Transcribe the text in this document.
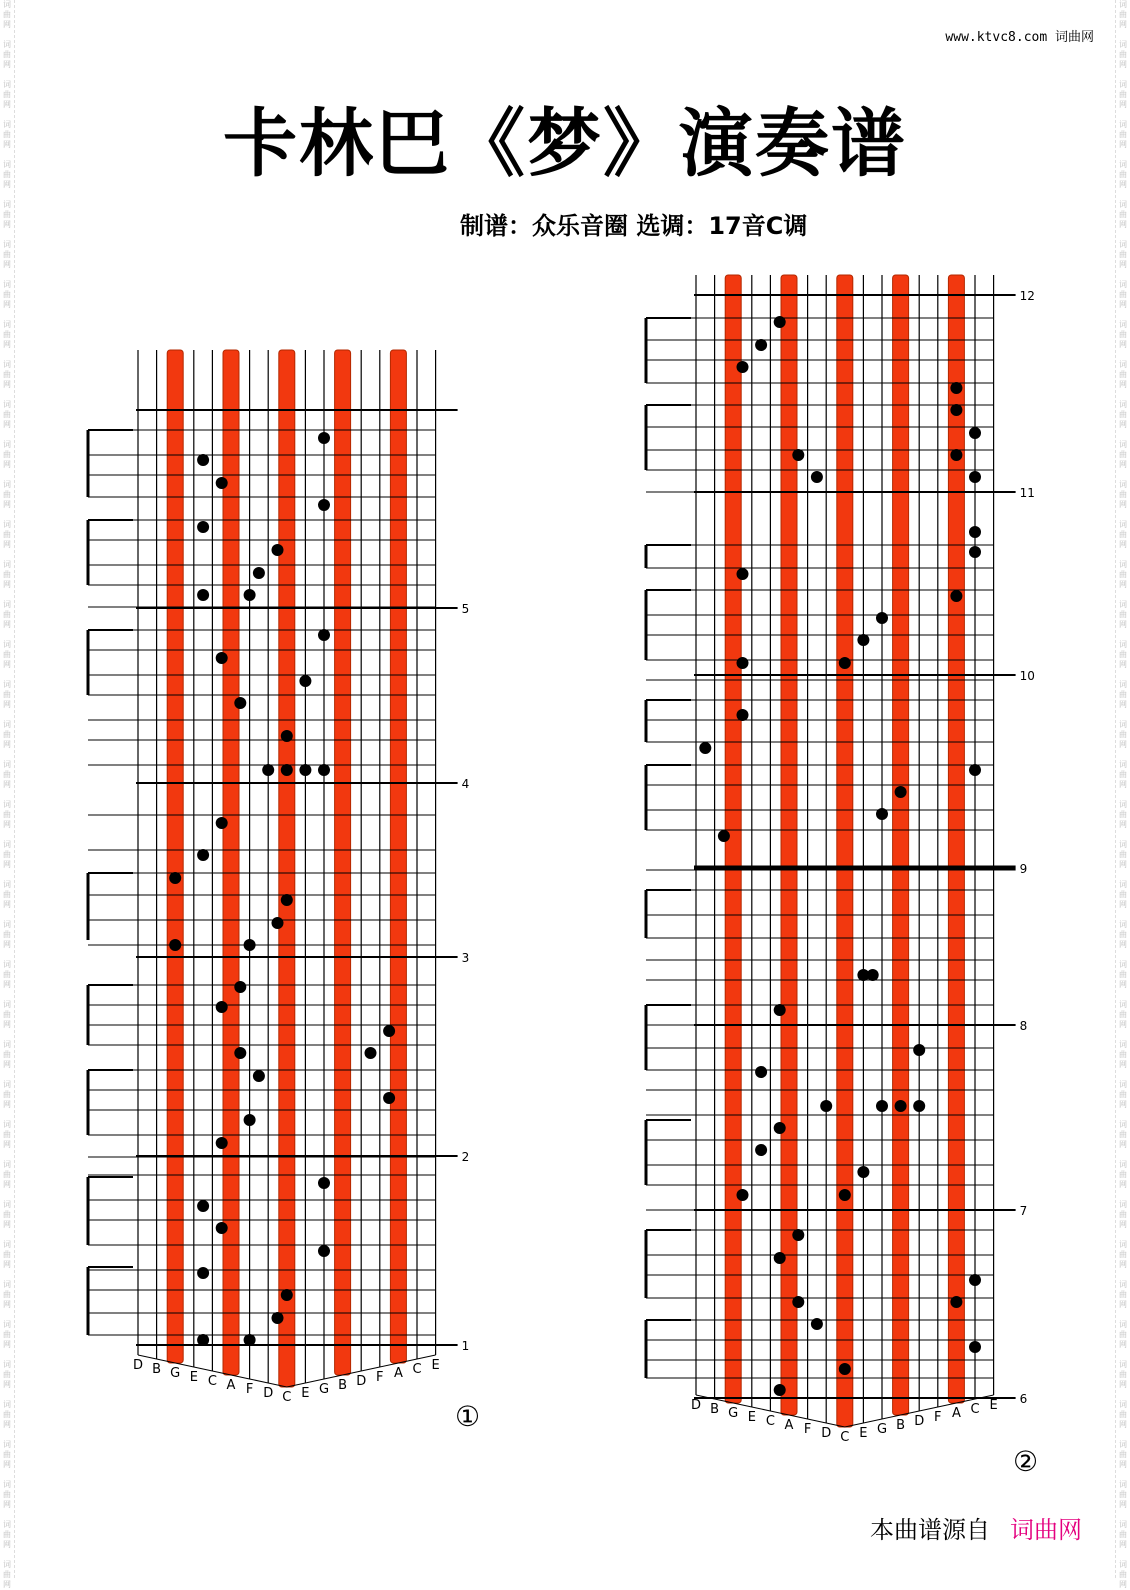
词
曲
网

词
曲
网

词
曲
网

词
曲
网

词
曲
网

词
曲
网

词
曲
网

词
曲
网

词
曲
网

词
曲
网

词
曲
网

词
曲
网

词
曲
网

词
曲
网

词
曲
网

词
曲
网

词
曲
网

词
曲
网

词
曲
网

词
曲
网

词
曲
网

词
曲
网

词
曲
网

词
曲
网

词
曲
网

词
曲
网

词
曲
网

词
曲
网

词
曲
网

词
曲
网

词
曲
网

词
曲
网

词
曲
网

词
曲
网

词
曲
网

词
曲
网

词
曲
网

词
曲
网

词
曲
网

词
曲
网

词
曲
网

词
曲
网

词
曲
网

词
曲
网

词
曲
网

词
曲
网

词
曲
网

词
曲
网

词
曲
网

词
曲
网

词
曲
网

词
曲
网

词
曲
网

词
曲
网

词
曲
网

词
曲
网

词
曲
网

词
曲
网

词
曲
网

词
曲
网

词
曲
网

词
曲
网

词
曲
网

词
曲
网

词
曲
网

词
曲
网

词
曲
网

词
曲
网

词
曲
网

词
曲
网

词
曲
网

词
曲
网

词
曲
网

词
曲
网

词
曲
网

词
曲
网

词
曲
网

词
曲
网

词
曲
网

词
曲
网

www.ktvc8.com 词曲网
卡林巴《梦》演奏谱
制谱：众乐音圈 选调：17音C调
D B G E C A F D C E G B D F A C E
1
2
3
4
5
D B G E C A F D C E G B D F A C E 6
7
8
9
10
11
12
①
②
本曲谱源自 词曲网
